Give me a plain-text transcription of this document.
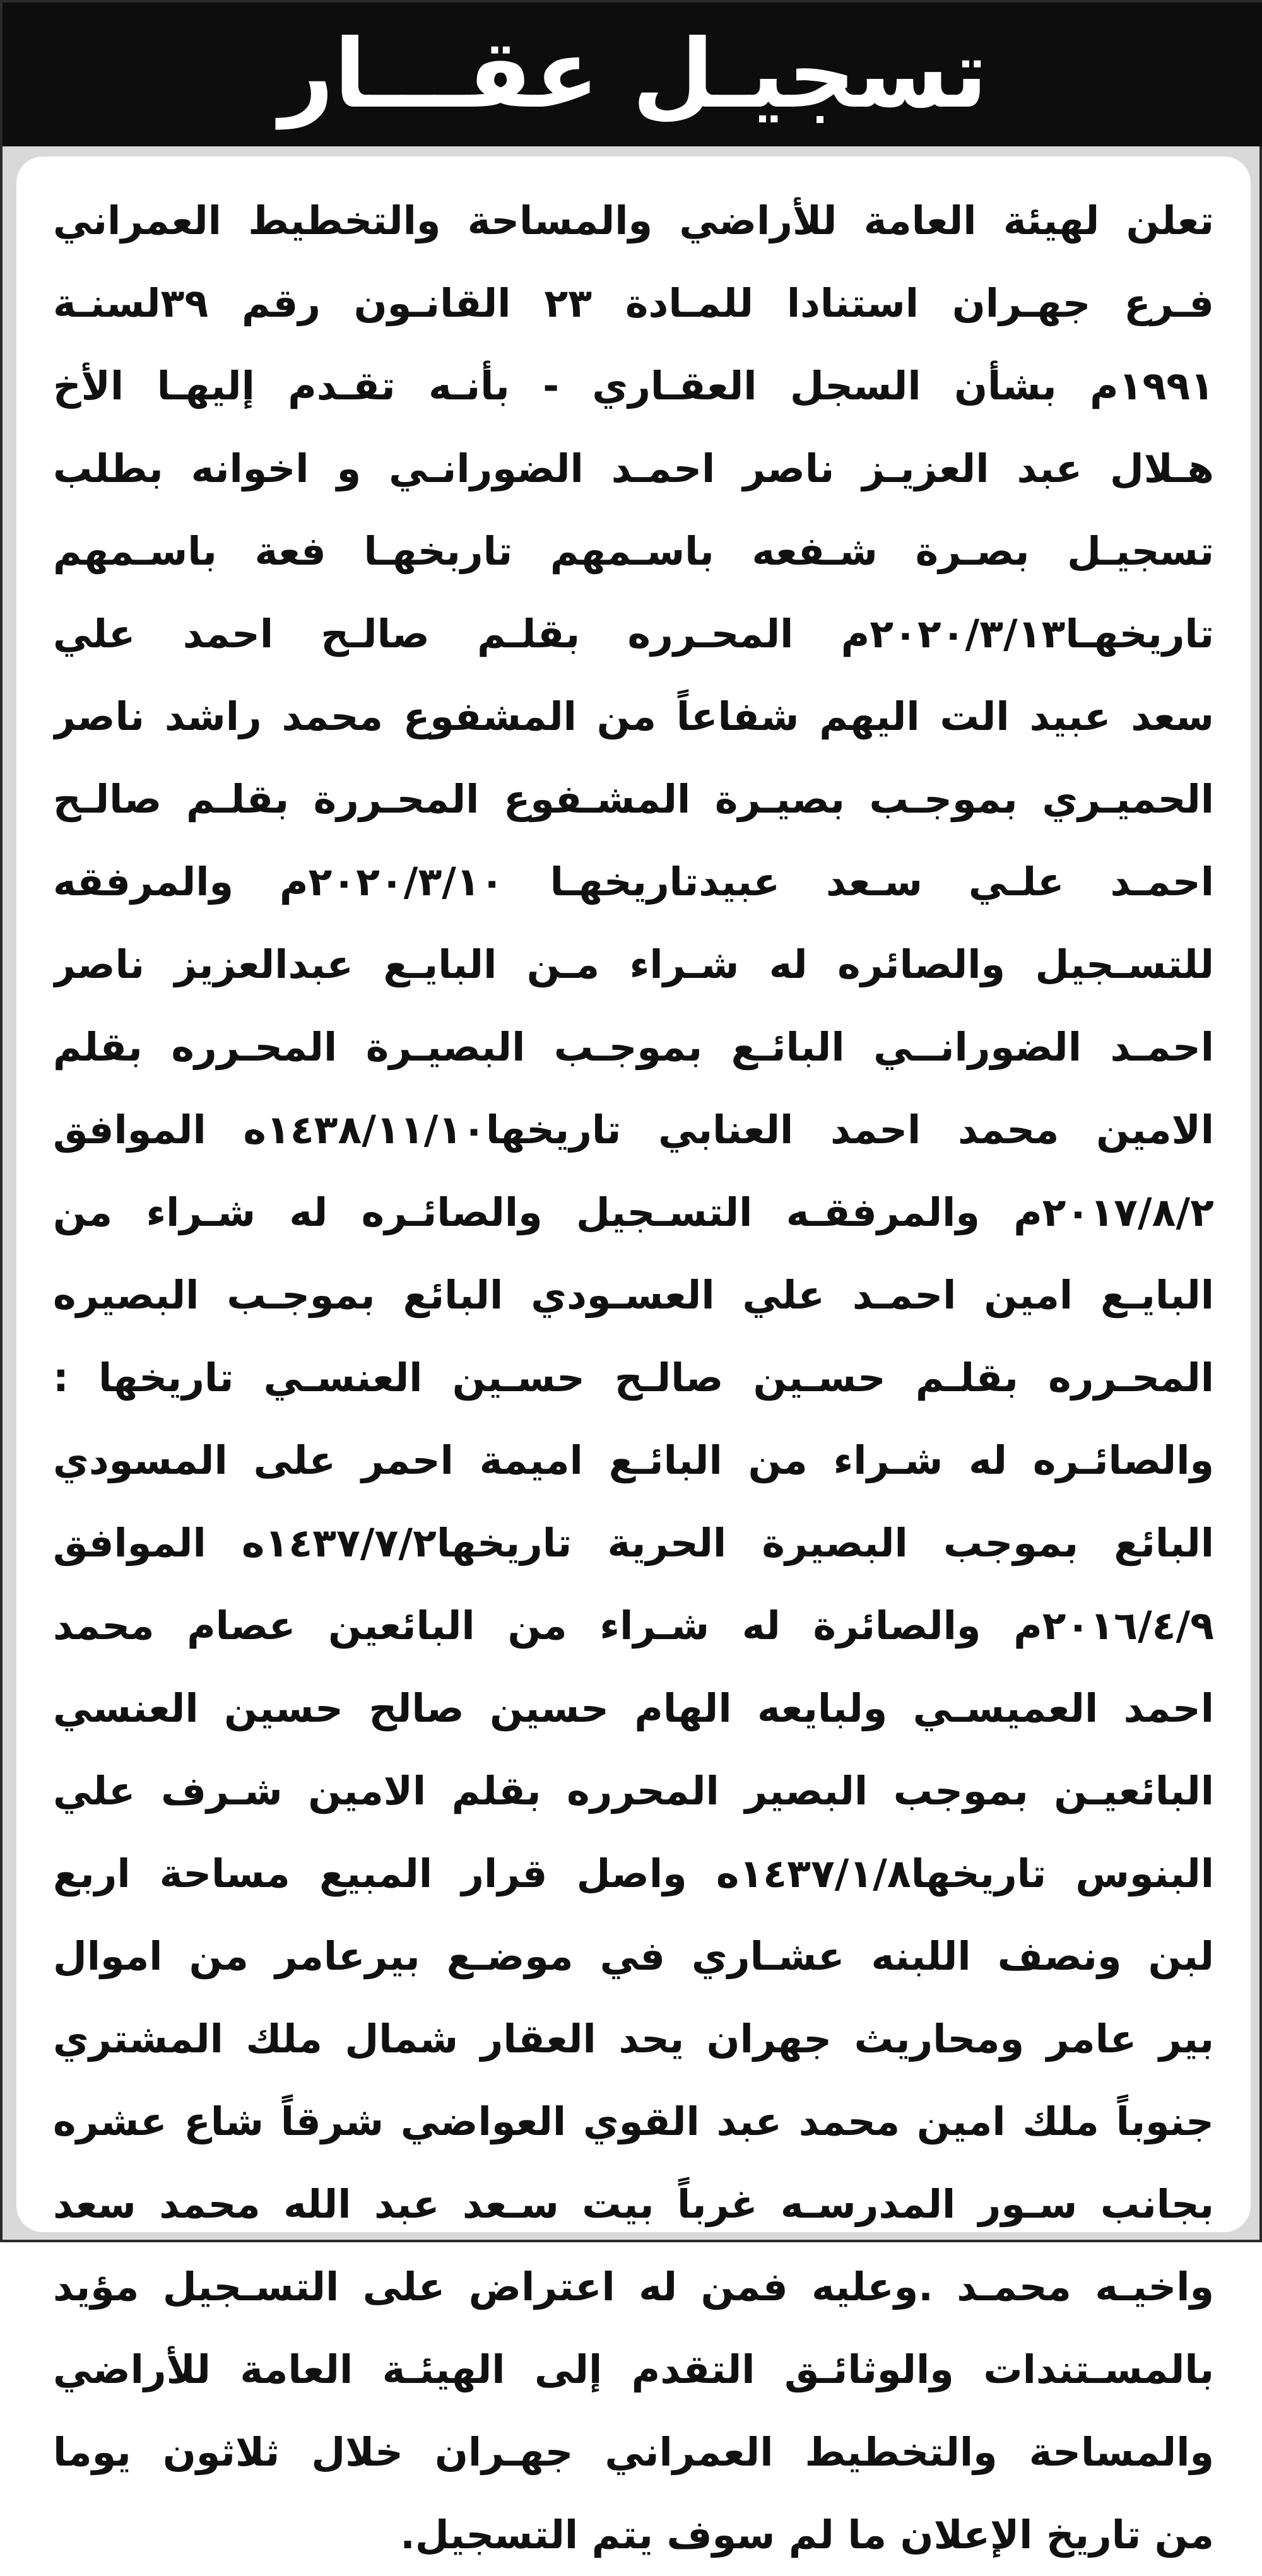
تسجيـل عقـــار
تعلن لهيئة العامة للأراضي والمساحة والتخطيط العمراني
فـرع جهـران استنادا للمـادة ٢٣ القانـون رقم ٣٩لسنـة
١٩٩١م بشأن السجل العقـاري - بأنـه تقـدم إليهـا الأخ
هـلال عبد العزيـز ناصر احمـد الضورانـي و اخوانه بطلب
تسجيـل بصـرة شـفعه باسـمهم تاربخهـا فعة باسـمهم
تاريخهـا٢٠٢٠/٣/١٣م المحـرره بقلـم صالـح احمد علي
سعد عبيد الت اليهم شفاعاً من المشفوع محمد راشد ناصر
الحميـري بموجـب بصيـرة المشـفوع المحـررة بقلـم صالـح
احمـد علـي سـعد عبيدتاريخهـا ٢٠٢٠/٣/١٠م والمرفقه
للتسـجيل والصائره له شـراء مـن البايـع عبدالعزيز ناصر
احمـد الضورانــي البائـع بموجـب البصيـرة المحـرره بقلم
الامين محمد احمد العنابي تاريخها١٤٣٨/١١/١٠ه الموافق
٢٠١٧/٨/٢م والمرفقـه التسـجيل والصائـره له شـراء من
البايـع امين احمـد علي العسـودي البائع بموجـب البصيره
المحـرره بقلـم حسـين صالـح حسـين العنسـي تاريخها :
والصائـره له شـراء من البائـع اميمة احمر على المسودي
البائع بموجب البصيرة الحرية تاريخها١٤٣٧/٧/٢ه الموافق
٢٠١٦/٤/٩م والصائرة له شـراء من البائعين عصام محمد
احمد العميسـي ولبايعه الهام حسين صالح حسين العنسي
البائعيـن بموجب البصير المحرره بقلم الامين شـرف علي
البنوس تاريخها١٤٣٧/١/٨ه واصل قرار المبيع مساحة اربع
لبن ونصف اللبنه عشـاري في موضـع بيرعامر من اموال
بير عامر ومحاريث جهران يحد العقار شمال ملك المشتري
جنوباً ملك امين محمد عبد القوي العواضي شرقاً شاع عشره
بجانب سـور المدرسـه غرباً بيت سـعد عبد الله محمد سعد
واخيـه محمـد .وعليه فمن له اعتراض على التسـجيل مؤيد
بالمسـتندات والوثائـق التقدم إلى الهيئـة العامة للأراضي
والمساحة والتخطيط العمراني جهـران خلال ثلاثون يوما
من تاريخ الإعلان ما لم سوف يتم التسجيل.
